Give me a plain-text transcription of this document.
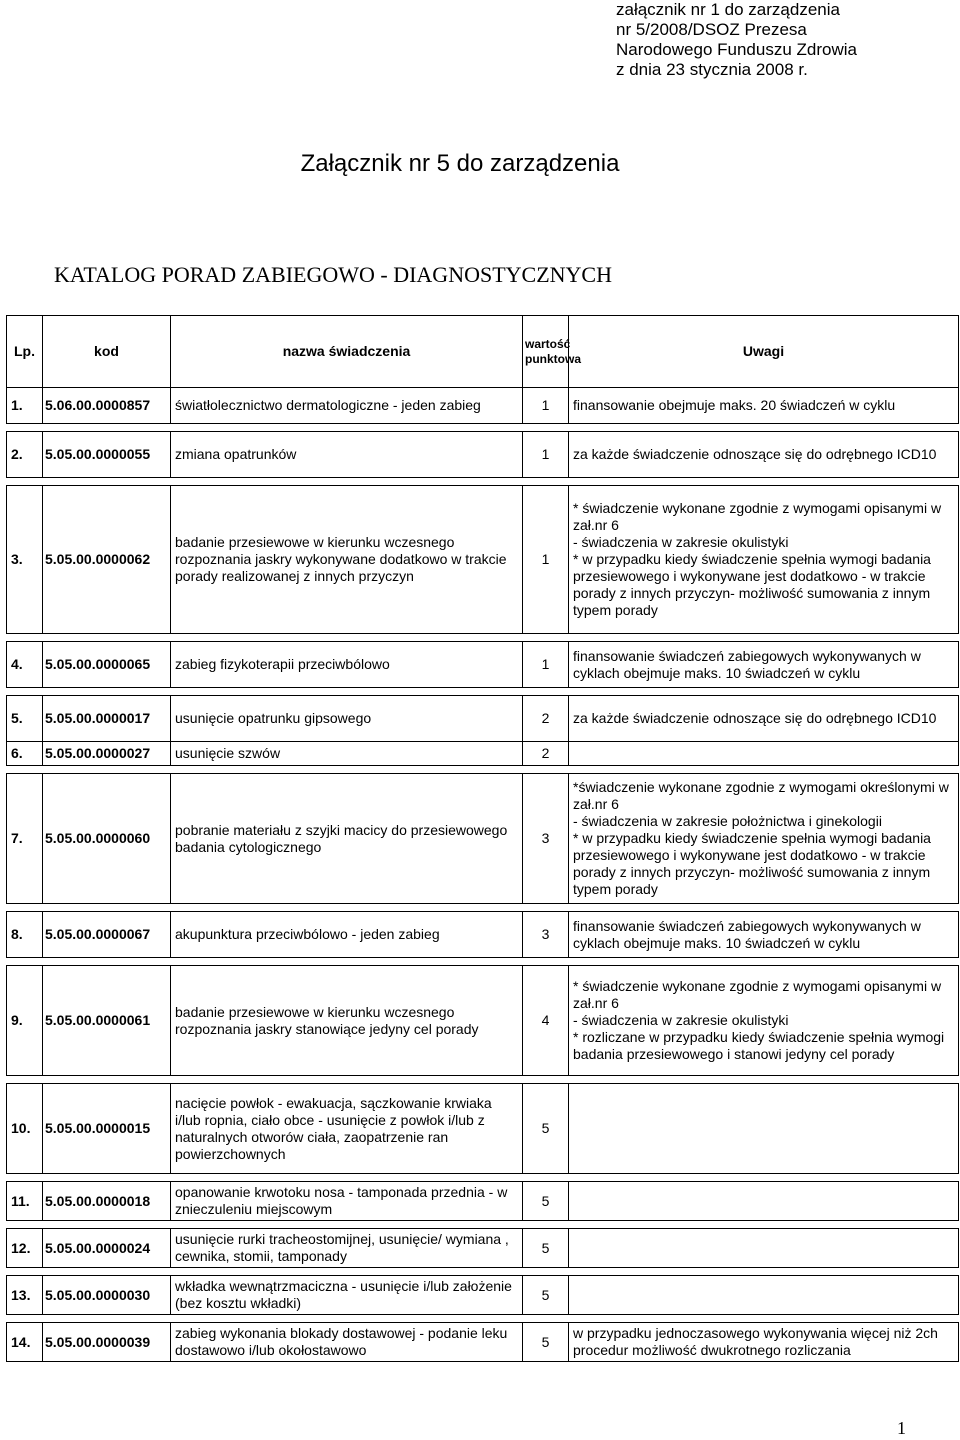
załącznik nr 1 do zarządzenia
nr 5/2008/DSOZ Prezesa
Narodowego Funduszu Zdrowia
z dnia 23 stycznia 2008 r.
Załącznik nr 5 do zarządzenia
KATALOG PORAD ZABIEGOWO - DIAGNOSTYCZNYCH
Lp.	kod	nazwa świadczenia	wartość punktowa	Uwagi
1.	5.06.00.0000857	światłolecznictwo dermatologiczne - jeden zabieg	1	finansowanie obejmuje maks. 20 świadczeń w cyklu

2.	5.05.00.0000055	zmiana opatrunków	1	za każde świadczenie odnoszące się do odrębnego ICD10

3.	5.05.00.0000062	badanie przesiewowe w kierunku wczesnego rozpoznania jaskry wykonywane dodatkowo w trakcie porady realizowanej z innych przyczyn	1	* świadczenie wykonane zgodnie z wymogami opisanymi w zał.nr 6
- świadczenia w zakresie okulistyki
* w przypadku kiedy świadczenie spełnia wymogi badania przesiewowego i wykonywane jest dodatkowo - w trakcie porady z innych przyczyn- możliwość sumowania z innym typem porady

4.	5.05.00.0000065	zabieg fizykoterapii przeciwbólowo	1	finansowanie świadczeń zabiegowych wykonywanych w cyklach obejmuje maks. 10 świadczeń w cyklu

5.	5.05.00.0000017	usunięcie opatrunku gipsowego	2	za każde świadczenie odnoszące się do odrębnego ICD10
6.	5.05.00.0000027	usunięcie szwów	2	

7.	5.05.00.0000060	pobranie materiału z szyjki macicy do przesiewowego badania cytologicznego	3	*świadczenie wykonane zgodnie z wymogami określonymi w zał.nr 6
- świadczenia w zakresie położnictwa i ginekologii
* w przypadku kiedy świadczenie spełnia wymogi badania przesiewowego i wykonywane jest dodatkowo - w trakcie porady z innych przyczyn- możliwość sumowania z innym typem porady

8.	5.05.00.0000067	akupunktura przeciwbólowo - jeden zabieg	3	finansowanie świadczeń zabiegowych wykonywanych w cyklach obejmuje maks. 10 świadczeń w cyklu

9.	5.05.00.0000061	badanie przesiewowe w kierunku wczesnego rozpoznania jaskry stanowiące jedyny cel porady	4	* świadczenie wykonane zgodnie z wymogami opisanymi w zał.nr 6
- świadczenia w zakresie okulistyki
* rozliczane w przypadku kiedy świadczenie spełnia wymogi badania przesiewowego i stanowi jedyny cel porady

10.	5.05.00.0000015	nacięcie powłok - ewakuacja, sączkowanie krwiaka i/lub ropnia, ciało obce - usunięcie z powłok i/lub z naturalnych otworów ciała, zaopatrzenie ran powierzchownych	5	

11.	5.05.00.0000018	opanowanie krwotoku nosa - tamponada przednia - w znieczuleniu miejscowym	5	

12.	5.05.00.0000024	usunięcie rurki tracheostomijnej, usunięcie/ wymiana , cewnika, stomii, tamponady	5	

13.	5.05.00.0000030	wkładka wewnątrzmaciczna - usunięcie i/lub założenie (bez kosztu wkładki)	5	

14.	5.05.00.0000039	zabieg wykonania blokady dostawowej - podanie leku dostawowo i/lub okołostawowo	5	w przypadku jednoczasowego wykonywania więcej niż 2ch procedur możliwość dwukrotnego rozliczania
1
